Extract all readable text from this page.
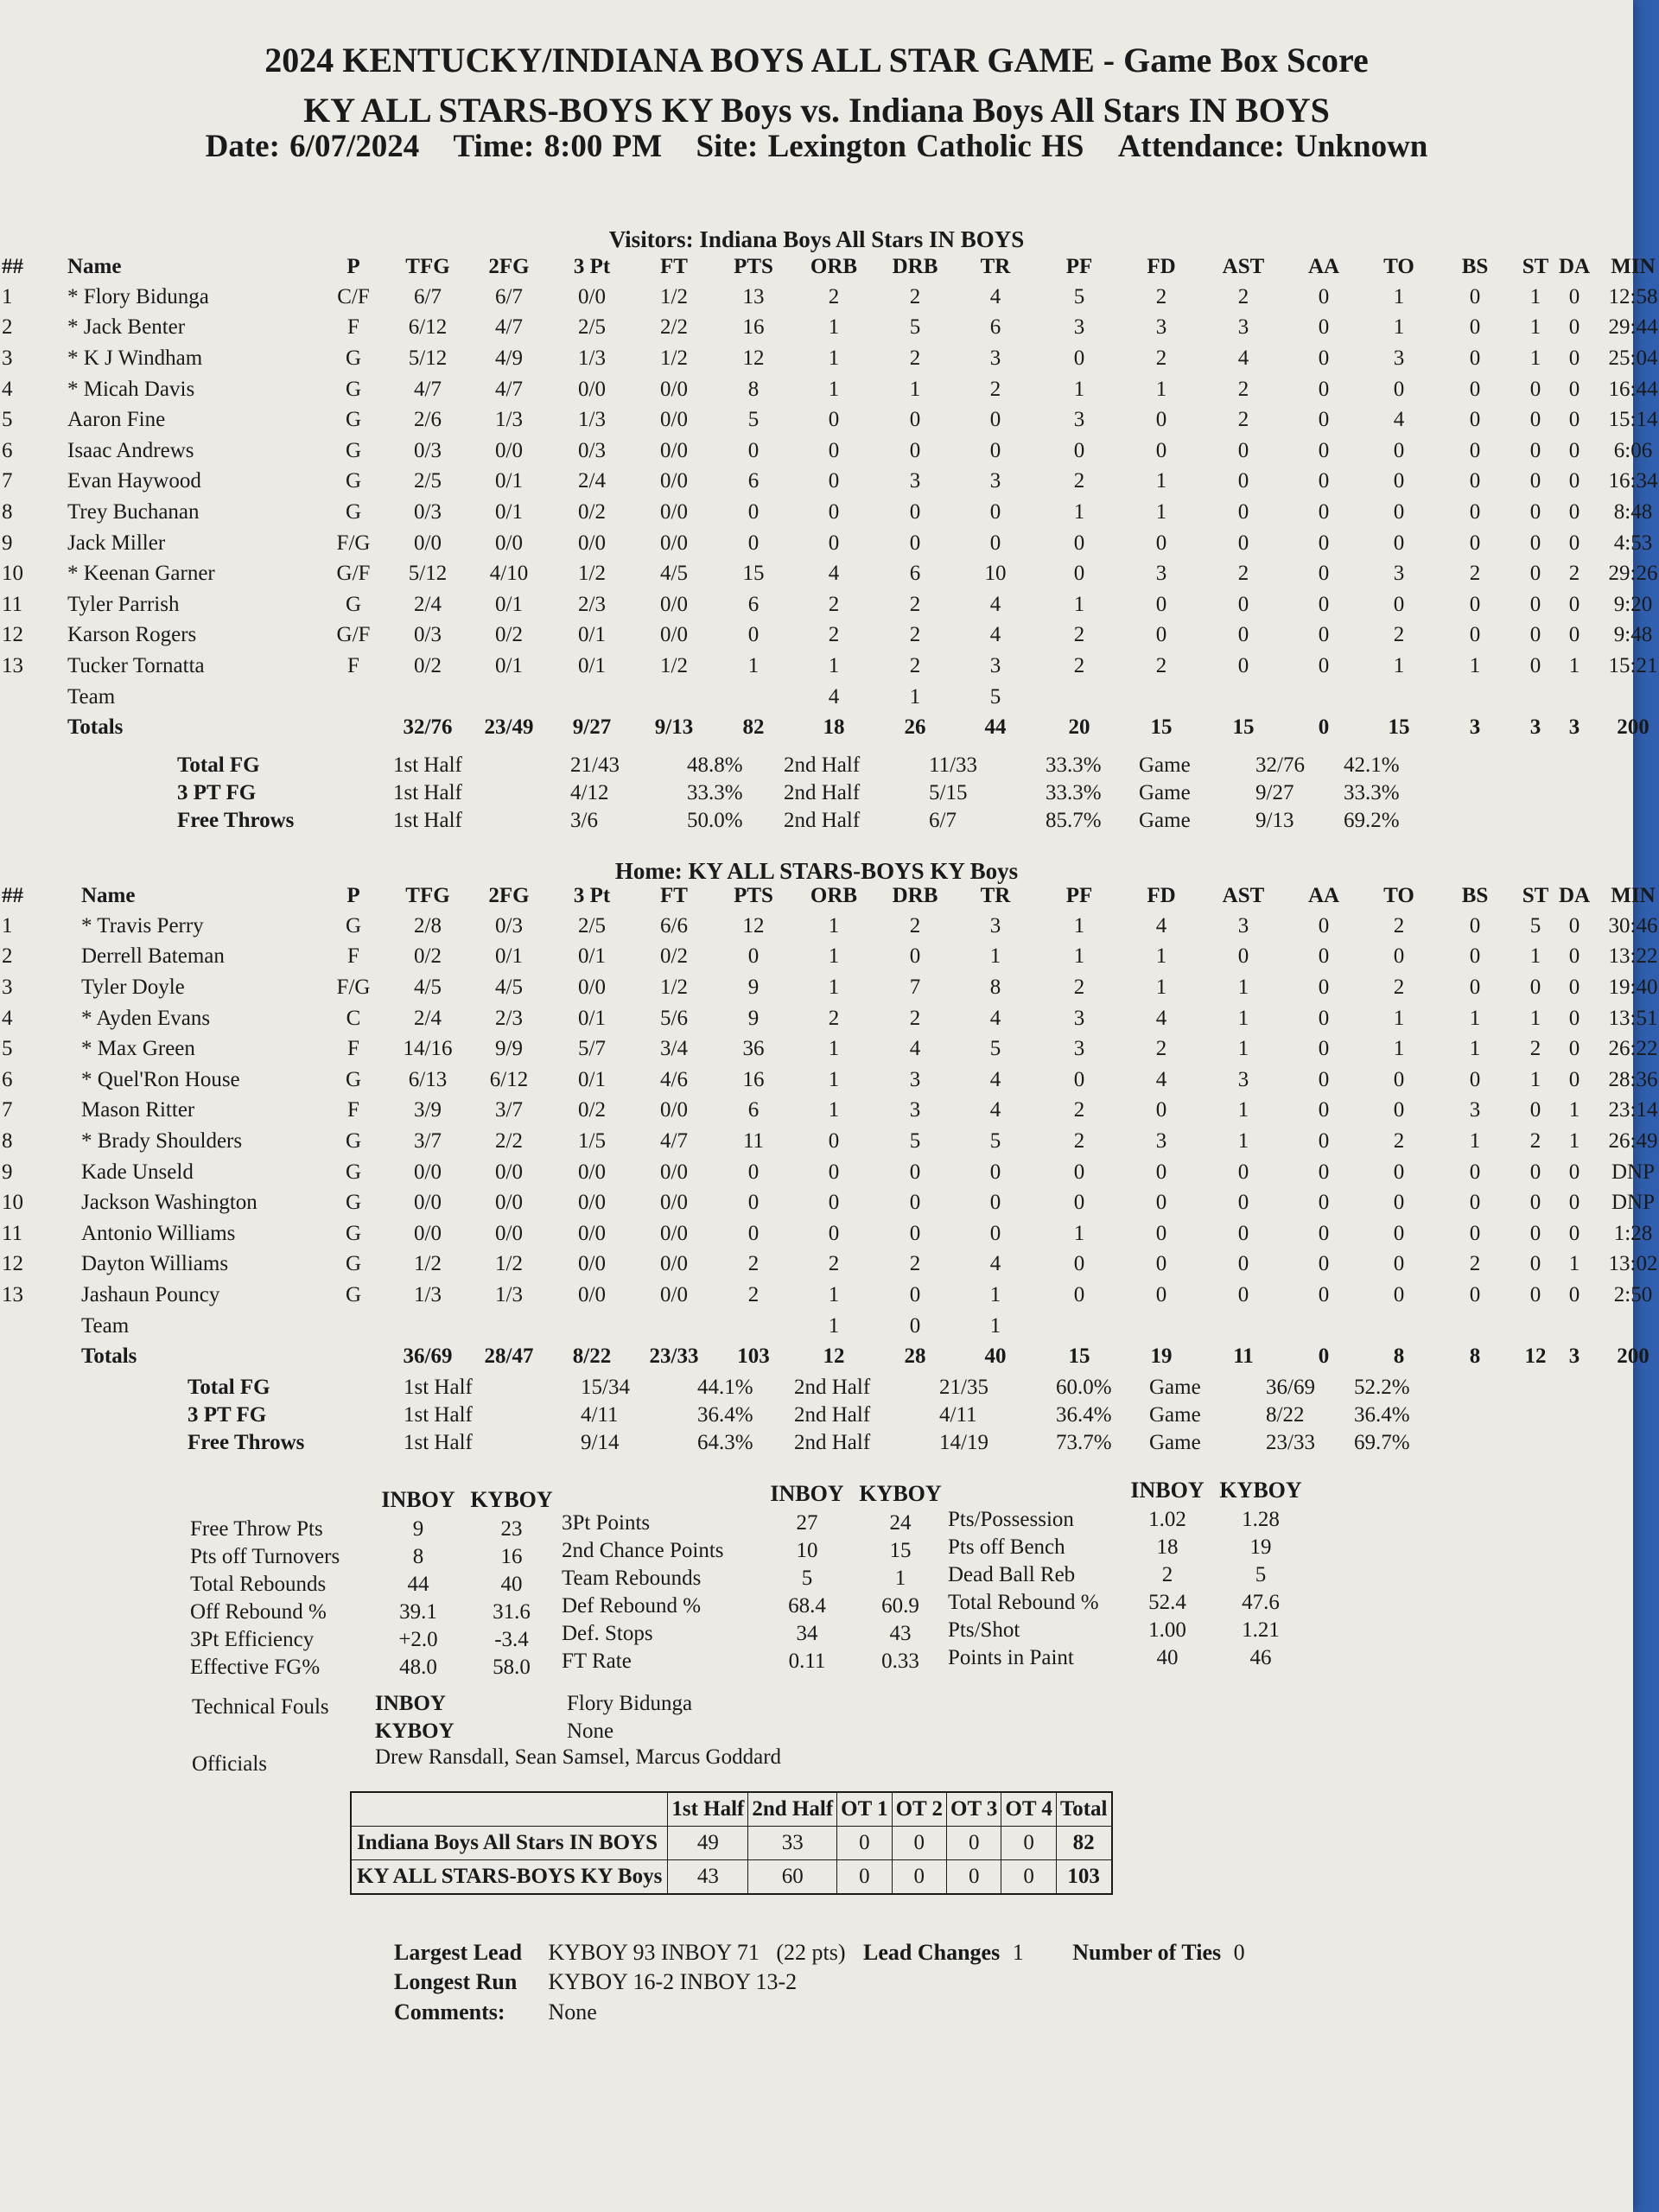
2024 KENTUCKY/INDIANA BOYS ALL STAR GAME - Game Box Score
KY ALL STARS-BOYS KY Boys vs. Indiana Boys All Stars IN BOYS
Date: 6/07/2024 Time: 8:00 PM Site: Lexington Catholic HS Attendance: Unknown
Visitors: Indiana Boys All Stars IN BOYS
##	Name	P	TFG	2FG	3 Pt	FT	PTS	ORB	DRB	TR	PF	FD	AST	AA	TO	BS	ST	DA	MIN
1	* Flory Bidunga	C/F	6/7	6/7	0/0	1/2	13	2	2	4	5	2	2	0	1	0	1	0	12:58
2	* Jack Benter	F	6/12	4/7	2/5	2/2	16	1	5	6	3	3	3	0	1	0	1	0	29:44
3	* K J Windham	G	5/12	4/9	1/3	1/2	12	1	2	3	0	2	4	0	3	0	1	0	25:04
4	* Micah Davis	G	4/7	4/7	0/0	0/0	8	1	1	2	1	1	2	0	0	0	0	0	16:44
5	Aaron Fine	G	2/6	1/3	1/3	0/0	5	0	0	0	3	0	2	0	4	0	0	0	15:14
6	Isaac Andrews	G	0/3	0/0	0/3	0/0	0	0	0	0	0	0	0	0	0	0	0	0	6:06
7	Evan Haywood	G	2/5	0/1	2/4	0/0	6	0	3	3	2	1	0	0	0	0	0	0	16:34
8	Trey Buchanan	G	0/3	0/1	0/2	0/0	0	0	0	0	1	1	0	0	0	0	0	0	8:48
9	Jack Miller	F/G	0/0	0/0	0/0	0/0	0	0	0	0	0	0	0	0	0	0	0	0	4:53
10	* Keenan Garner	G/F	5/12	4/10	1/2	4/5	15	4	6	10	0	3	2	0	3	2	0	2	29:26
11	Tyler Parrish	G	2/4	0/1	2/3	0/0	6	2	2	4	1	0	0	0	0	0	0	0	9:20
12	Karson Rogers	G/F	0/3	0/2	0/1	0/0	0	2	2	4	2	0	0	0	2	0	0	0	9:48
13	Tucker Tornatta	F	0/2	0/1	0/1	1/2	1	1	2	3	2	2	0	0	1	1	0	1	15:21
	Team							4	1	5									
	Totals		32/76	23/49	9/27	9/13	82	18	26	44	20	15	15	0	15	3	3	3	200
Total FG	1st Half	21/43	48.8%	2nd Half	11/33	33.3%	Game	32/76	42.1%
3 PT FG	1st Half	4/12	33.3%	2nd Half	5/15	33.3%	Game	9/27	33.3%
Free Throws	1st Half	3/6	50.0%	2nd Half	6/7	85.7%	Game	9/13	69.2%
Home: KY ALL STARS-BOYS KY Boys
##	Name	P	TFG	2FG	3 Pt	FT	PTS	ORB	DRB	TR	PF	FD	AST	AA	TO	BS	ST	DA	MIN
1	* Travis Perry	G	2/8	0/3	2/5	6/6	12	1	2	3	1	4	3	0	2	0	5	0	30:46
2	Derrell Bateman	F	0/2	0/1	0/1	0/2	0	1	0	1	1	1	0	0	0	0	1	0	13:22
3	Tyler Doyle	F/G	4/5	4/5	0/0	1/2	9	1	7	8	2	1	1	0	2	0	0	0	19:40
4	* Ayden Evans	C	2/4	2/3	0/1	5/6	9	2	2	4	3	4	1	0	1	1	1	0	13:51
5	* Max Green	F	14/16	9/9	5/7	3/4	36	1	4	5	3	2	1	0	1	1	2	0	26:22
6	* Quel'Ron House	G	6/13	6/12	0/1	4/6	16	1	3	4	0	4	3	0	0	0	1	0	28:36
7	Mason Ritter	F	3/9	3/7	0/2	0/0	6	1	3	4	2	0	1	0	0	3	0	1	23:14
8	* Brady Shoulders	G	3/7	2/2	1/5	4/7	11	0	5	5	2	3	1	0	2	1	2	1	26:49
9	Kade Unseld	G	0/0	0/0	0/0	0/0	0	0	0	0	0	0	0	0	0	0	0	0	DNP
10	Jackson Washington	G	0/0	0/0	0/0	0/0	0	0	0	0	0	0	0	0	0	0	0	0	DNP
11	Antonio Williams	G	0/0	0/0	0/0	0/0	0	0	0	0	1	0	0	0	0	0	0	0	1:28
12	Dayton Williams	G	1/2	1/2	0/0	0/0	2	2	2	4	0	0	0	0	0	2	0	1	13:02
13	Jashaun Pouncy	G	1/3	1/3	0/0	0/0	2	1	0	1	0	0	0	0	0	0	0	0	2:50
	Team							1	0	1									
	Totals		36/69	28/47	8/22	23/33	103	12	28	40	15	19	11	0	8	8	12	3	200
Total FG	1st Half	15/34	44.1%	2nd Half	21/35	60.0%	Game	36/69	52.2%
3 PT FG	1st Half	4/11	36.4%	2nd Half	4/11	36.4%	Game	8/22	36.4%
Free Throws	1st Half	9/14	64.3%	2nd Half	14/19	73.7%	Game	23/33	69.7%
	INBOY	KYBOY
Free Throw Pts	9	23
Pts off Turnovers	8	16
Total Rebounds	44	40
Off Rebound %	39.1	31.6
3Pt Efficiency	+2.0	-3.4
Effective FG%	48.0	58.0
	INBOY	KYBOY
3Pt Points	27	24
2nd Chance Points	10	15
Team Rebounds	5	1
Def Rebound %	68.4	60.9
Def. Stops	34	43
FT Rate	0.11	0.33
	INBOY	KYBOY
Pts/Possession	1.02	1.28
Pts off Bench	18	19
Dead Ball Reb	2	5
Total Rebound %	52.4	47.6
Pts/Shot	1.00	1.21
Points in Paint	40	46
Technical Fouls INBOY	Flory Bidunga
KYBOY	None
Officials	Drew Ransdall, Sean Samsel, Marcus Goddard
	1st Half	2nd Half	OT 1	OT 2	OT 3	OT 4	Total
Indiana Boys All Stars IN BOYS	49	33	0	0	0	0	82
KY ALL STARS-BOYS KY Boys	43	60	0	0	0	0	103
Largest Lead KYBOY 93 INBOY 71   (22 pts) Lead Changes 1 Number of Ties 0
Longest Run KYBOY 16-2 INBOY 13-2
Comments: None
